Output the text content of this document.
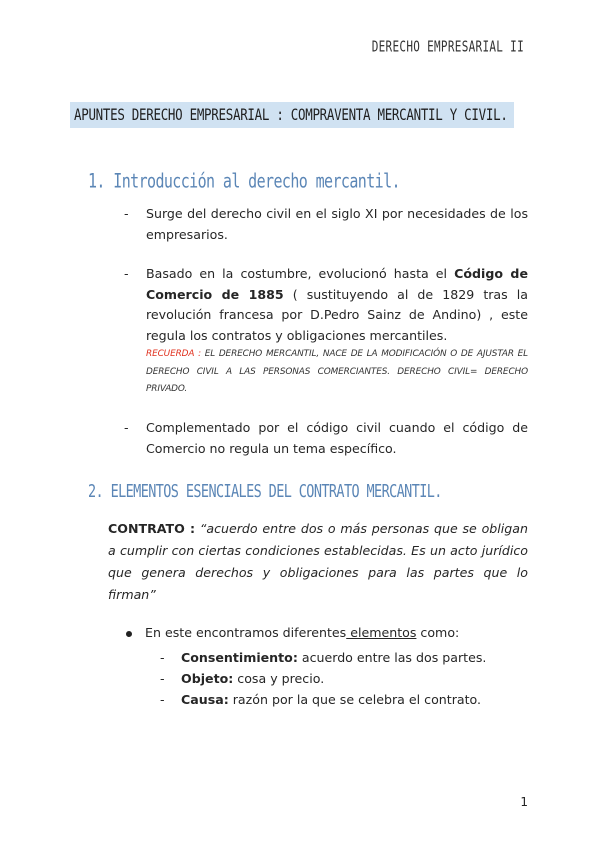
DERECHO EMPRESARIAL II
APUNTES DERECHO EMPRESARIAL : COMPRAVENTA MERCANTIL Y CIVIL.
1. Introducción al derecho mercantil.
- Surge del derecho civil en el siglo XI por necesidades de los empresarios.
- Basado en la costumbre, evolucionó hasta el Código de Comercio de 1885 ( sustituyendo al de 1829 tras la revolución francesa por D.Pedro Sainz de Andino) , este regula los contratos y obligaciones mercantiles.
RECUERDA : EL DERECHO MERCANTIL, NACE DE LA MODIFICACIÓN O DE AJUSTAR EL DERECHO CIVIL A LAS PERSONAS COMERCIANTES. DERECHO CIVIL= DERECHO PRIVADO.
- Complementado por el código civil cuando el código de Comercio no regula un tema específico.
2. ELEMENTOS ESENCIALES DEL CONTRATO MERCANTIL.
CONTRATO : “acuerdo entre dos o más personas que se obligan a cumplir con ciertas condiciones establecidas. Es un acto jurídico que genera derechos y obligaciones para las partes que lo firman”
En este encontramos diferentes elementos como:
- Consentimiento: acuerdo entre las dos partes.
- Objeto: cosa y precio.
- Causa: razón por la que se celebra el contrato.
1
